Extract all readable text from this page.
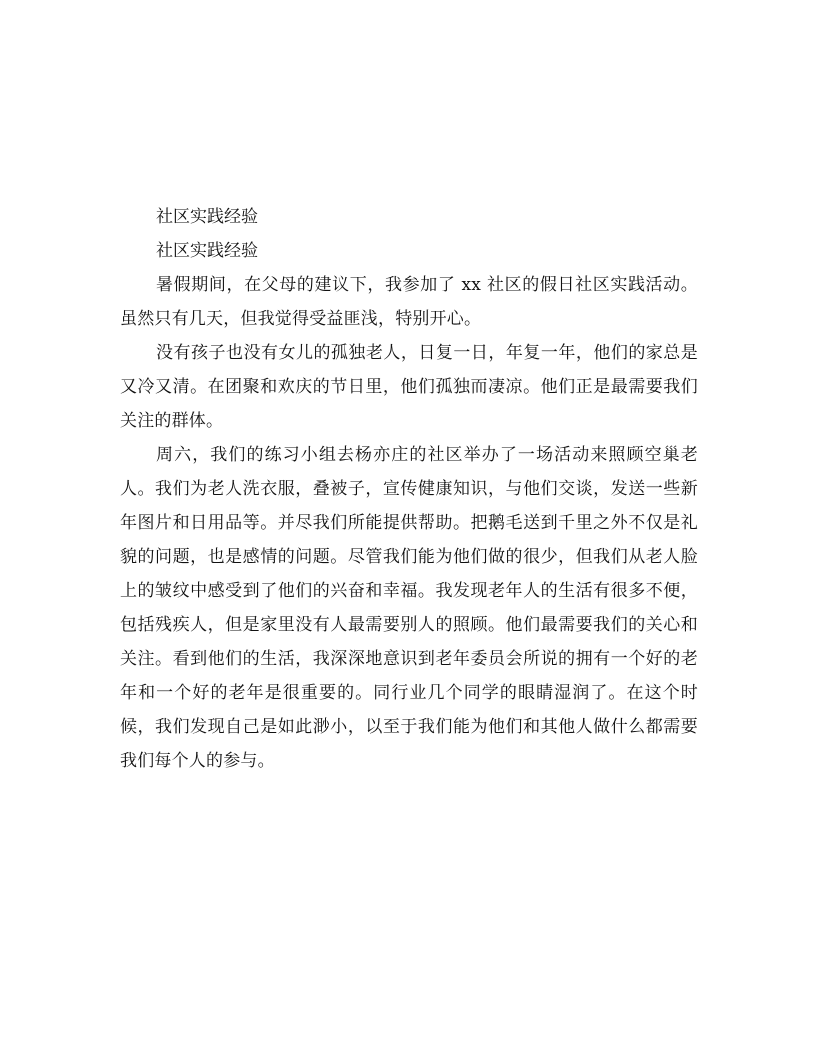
社区实践经验
社区实践经验

暑假期间，在父母的建议下，我参加了 xx 社区的假日社区实践活动。虽然只有几天，但我觉得受益匪浅，特别开心。

没有孩子也没有女儿的孤独老人，日复一日，年复一年，他们的家总是又冷又清。在团聚和欢庆的节日里，他们孤独而凄凉。他们正是最需要我们关注的群体。

周六，我们的练习小组去杨亦庄的社区举办了一场活动来照顾空巢老人。我们为老人洗衣服，叠被子，宣传健康知识，与他们交谈，发送一些新年图片和日用品等。并尽我们所能提供帮助。把鹅毛送到千里之外不仅是礼貌的问题，也是感情的问题。尽管我们能为他们做的很少，但我们从老人脸上的皱纹中感受到了他们的兴奋和幸福。我发现老年人的生活有很多不便，包括残疾人，但是家里没有人最需要别人的照顾。他们最需要我们的关心和关注。看到他们的生活，我深深地意识到老年委员会所说的拥有一个好的老年和一个好的老年是很重要的。同行业几个同学的眼睛湿润了。在这个时候，我们发现自己是如此渺小，以至于我们能为他们和其他人做什么都需要我们每个人的参与。
